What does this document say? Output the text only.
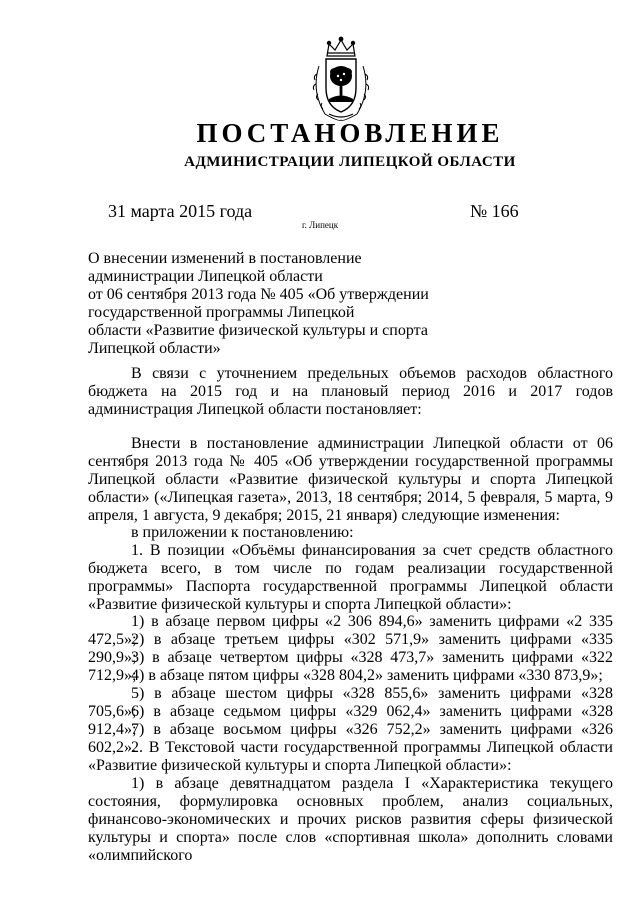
ПОСТАНОВЛЕНИЕ
АДМИНИСТРАЦИИ ЛИПЕЦКОЙ ОБЛАСТИ
31 марта 2015 года
г. Липецк
№ 166
О внесении изменений в постановление
администрации Липецкой области
от 06 сентября 2013 года № 405 «Об утверждении
государственной программы Липецкой
области «Развитие физической культуры и спорта
Липецкой области»
В связи с уточнением предельных объемов расходов областного бюджета на 2015 год и на плановый период 2016 и 2017 годов администрация Липецкой области постановляет:
Внести в постановление администрации Липецкой области от 06 сентября 2013 года № 405 «Об утверждении государственной программы Липецкой области «Развитие физической культуры и спорта Липецкой области» («Липецкая газета», 2013, 18 сентября; 2014, 5 февраля, 5 марта, 9 апреля, 1 августа, 9 декабря; 2015, 21 января) следующие изменения:
в приложении к постановлению:
1. В позиции «Объёмы финансирования за счет средств областного бюджета всего, в том числе по годам реализации государственной программы» Паспорта государственной программы Липецкой области «Развитие физической культуры и спорта Липецкой области»:
1) в абзаце первом цифры «2 306 894,6» заменить цифрами «2 335 472,5»;
2) в абзаце третьем цифры «302 571,9» заменить цифрами «335 290,9»;
3) в абзаце четвертом цифры «328 473,7» заменить цифрами «322 712,9»;
4) в абзаце пятом цифры «328 804,2» заменить цифрами «330 873,9»;
5) в абзаце шестом цифры «328 855,6» заменить цифрами «328 705,6»;
6) в абзаце седьмом цифры «329 062,4» заменить цифрами «328 912,4»;
7) в абзаце восьмом цифры «326 752,2» заменить цифрами «326 602,2».
2. В Текстовой части государственной программы Липецкой области «Развитие физической культуры и спорта Липецкой области»:
1) в абзаце девятнадцатом раздела I «Характеристика текущего состояния, формулировка основных проблем, анализ социальных, финансово-экономических и прочих рисков развития сферы физической культуры и спорта» после слов «спортивная школа» дополнить словами «олимпийского
